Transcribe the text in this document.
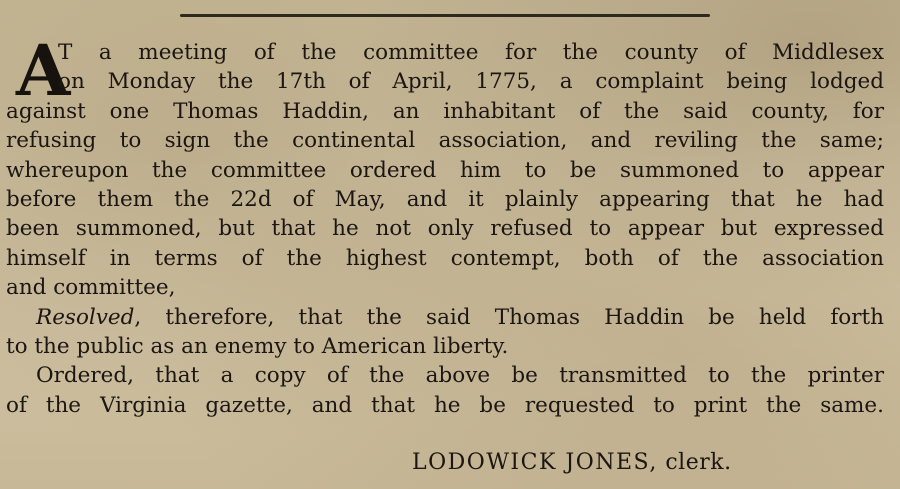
A
T a meeting of the committee for the county of Middlesex
on Monday the 17th of April, 1775, a complaint being lodged
against one Thomas Haddin, an inhabitant of the said county, for
refusing to sign the continental association, and reviling the same;
whereupon the committee ordered him to be summoned to appear
before them the 22d of May, and it plainly appearing that he had
been summoned, but that he not only refused to appear but expressed
himself in terms of the highest contempt, both of the association
and committee,
Resolved, therefore, that the said Thomas Haddin be held forth
to the public as an enemy to American liberty.
Ordered, that a copy of the above be transmitted to the printer
of the Virginia gazette, and that he be requested to print the same.
LODOWICK JONES, clerk.
